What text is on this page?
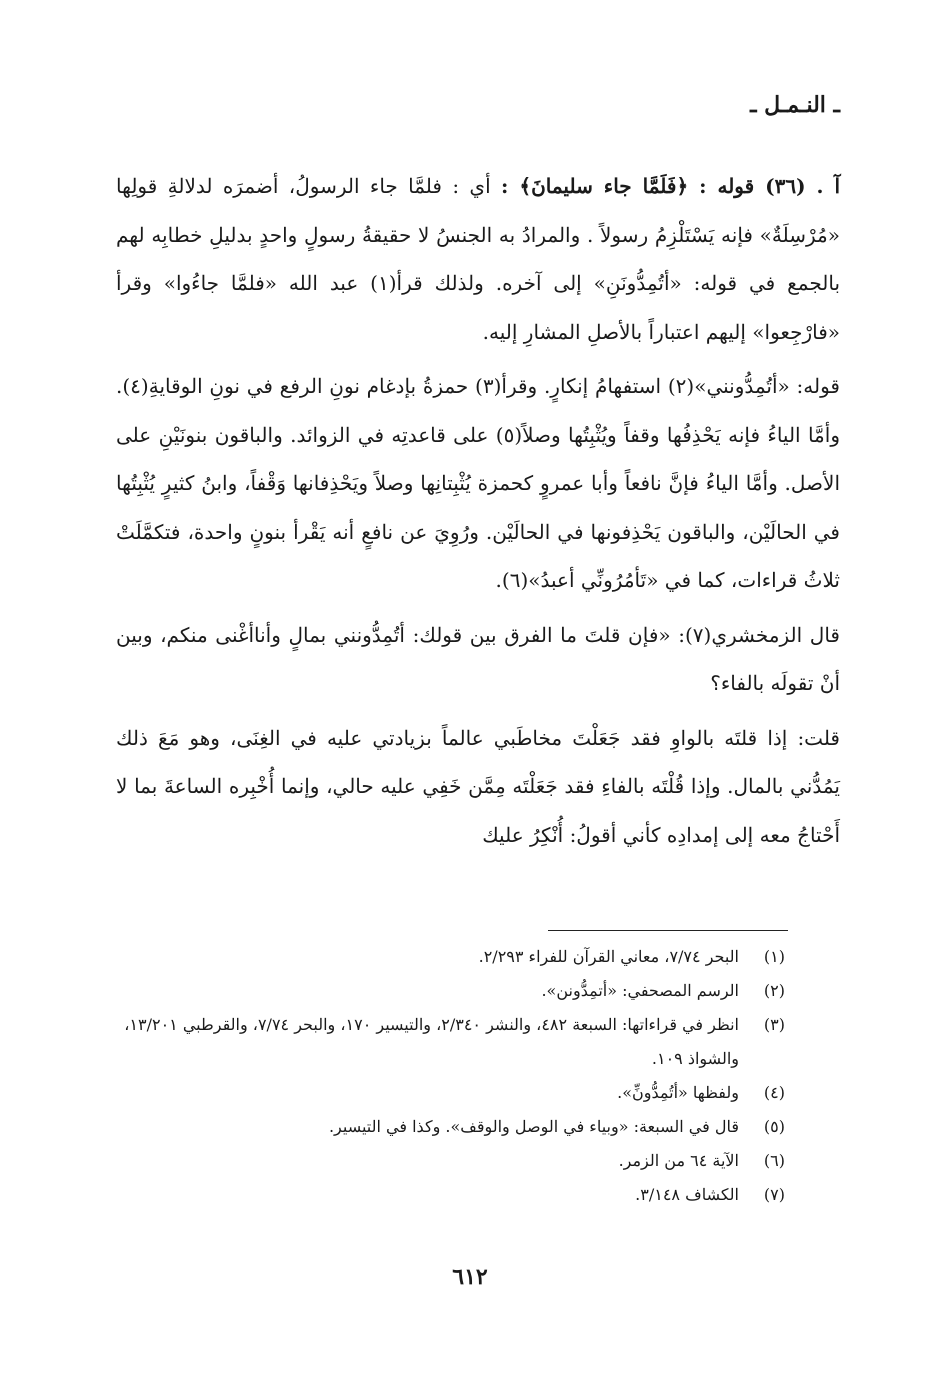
ـ النـمـل ـ

آ . (٣٦) قوله : ﴿فَلَمَّا جاء سليمانَ﴾ : أي : فلمَّا جاء الرسولُ، أضمرَه لدلالةِ قولِها «مُرْسِلَةٌ» فإنه يَسْتَلْزِمُ رسولاً . والمرادُ به الجنسُ لا حقيقةُ رسولٍ واحدٍ بدليلِ خطابِه لهم بالجمع في قوله: «أتُمِدُّونَنِ» إلى آخره. ولذلك قرأ(١) عبد الله «فلمَّا جاءُوا» وقرأ «فارْجِعوا» إليهم اعتباراً بالأصلِ المشارِ إليه.

قوله: «أتُمِدُّونني»(٢) استفهامُ إنكارٍ. وقرأ(٣) حمزةُ بإدغام نونِ الرفع في نونِ الوقايةِ(٤). وأمَّا الياءُ فإنه يَحْذِفُها وقفاً ويُثْبِتُها وصلاً(٥) على قاعدتِه في الزوائد. والباقون بنونَيْنِ على الأصل. وأمَّا الياءُ فإنَّ نافعاً وأبا عمروٍ كحمزة يُثْبِتانِها وصلاً ويَحْذِفانها وَقْفاً، وابنُ كثيرٍ يُثْبِتُها في الحالَيْن، والباقون يَحْذِفونها في الحالَيْن. ورُوِيَ عن نافعٍ أنه يَقْرأ بنونٍ واحدة، فتكمَّلَتْ ثلاثُ قراءات، كما في «تَأمُرُونِّي أعبدُ»(٦).

قال الزمخشري(٧): «فإن قلتَ ما الفرق بين قولك: أتُمِدُّونني بمالٍ وأناأغْنى منكم، وبين أنْ تقولَه بالفاء؟

قلت: إذا قلتَه بالواوِ فقد جَعَلْتَ مخاطَبي عالماً بزيادتي عليه في الغِنَى، وهو مَعَ ذلك يَمُدُّني بالمال. وإذا قُلْتَه بالفاءِ فقد جَعَلْتَه مِمَّن خَفِي عليه حالي، وإنما أُخْبِره الساعةَ بما لا أَحْتاجُ معه إلى إمدادِه كأني أقولُ: أُنْكِرُ عليك

(١)
البحر ٧/٧٤، معاني القرآن للفراء ٢/٢٩٣.
(٢)
الرسم المصحفي: «أتمِدُّونن».
(٣)
انظر في قراءاتها: السبعة ٤٨٢، والنشر ٢/٣٤٠، والتيسير ١٧٠، والبحر ٧/٧٤، والقرطبي ١٣/٢٠١، والشواذ ١٠٩.
(٤)
ولفظها «أتُمِدُّونِّ».
(٥)
قال في السبعة: «وبياء في الوصل والوقف». وكذا في التيسير.
(٦)
الآية ٦٤ من الزمر.
(٧)
الكشاف ٣/١٤٨.
٦١٢
